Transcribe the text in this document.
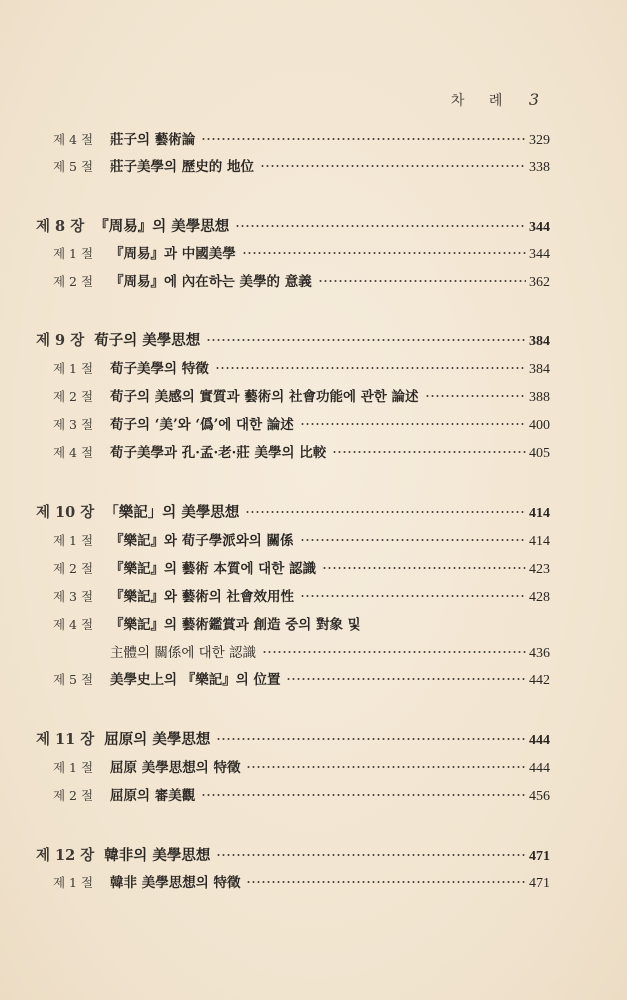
차 례 3
제 4 절	莊子의 藝術論	329
제 5 절	莊子美學의 歷史的 地位	338
제 8 장 『周易』의 美學思想	344
제 1 절	『周易』과 中國美學	344
제 2 절	『周易』에 內在하는 美學的 意義	362
제 9 장 荀子의 美學思想	384
제 1 절	荀子美學의 特徵	384
제 2 절	荀子의 美感의 實質과 藝術의 社會功能에 관한 論述	388
제 3 절	荀子의 ‘美’와 ‘僞’에 대한 論述	400
제 4 절	荀子美學과 孔·孟·老·莊 美學의 比較	405
제 10 장 「樂記」의 美學思想	414
제 1 절	『樂記』와 荀子學派와의 關係	414
제 2 절	『樂記』의 藝術 本質에 대한 認識	423
제 3 절	『樂記』와 藝術의 社會效用性	428
제 4 절	『樂記』의 藝術鑑賞과 創造 중의 對象 및
主體의 關係에 대한 認識	436
제 5 절	美學史上의 『樂記』의 位置	442
제 11 장 屈原의 美學思想	444
제 1 절	屈原 美學思想의 特徵	444
제 2 절	屈原의 審美觀	456
제 12 장 韓非의 美學思想	471
제 1 절	韓非 美學思想의 特徵	471
